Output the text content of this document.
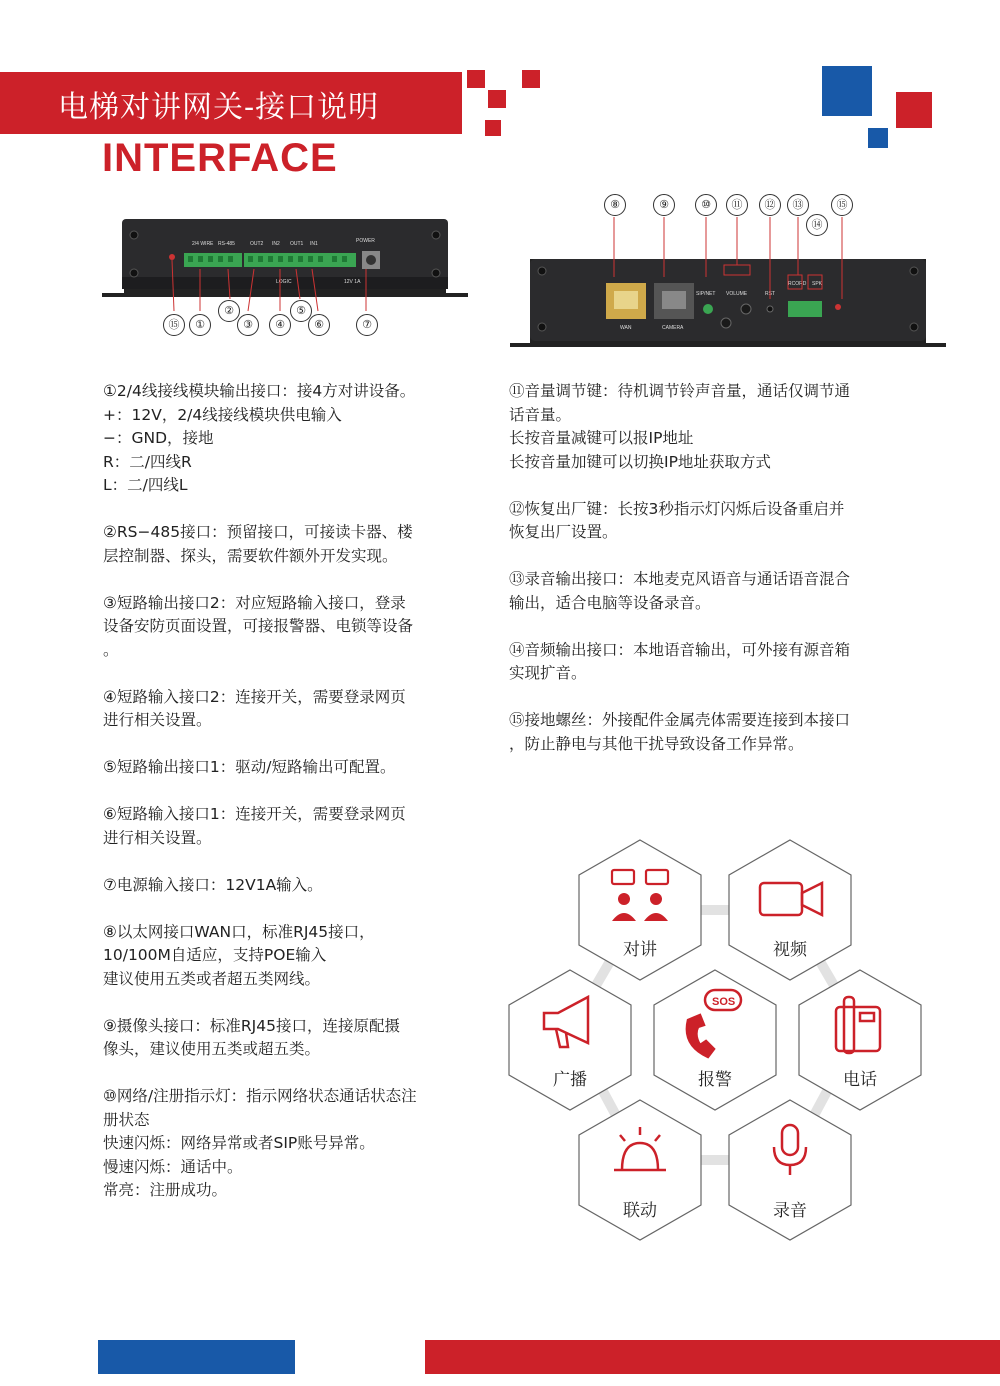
电梯对讲网关-接口说明
INTERFACE
2/4 WIRE RS-485	OUT2 IN2 OUT1 IN1	POWER
LOGIC	12V 1A
⑮	①
②
③	④
⑤
⑥	⑦	WAN	CAMERA
SIP/NET VOLUME	RST
RCORD SPK
⑧	⑨	⑩	⑪	⑫	⑬
⑭
⑮

①2/4线接线模块输出接口：接4方对讲设备。
+：12V，2/4线接线模块供电输入
−：GND，接地
R：二/四线R
L：二/四线L

②RS−485接口：预留接口，可接读卡器、楼
层控制器、探头，需要软件额外开发实现。

③短路输出接口2：对应短路输入接口，登录
设备安防页面设置，可接报警器、电锁等设备
。

④短路输入接口2：连接开关，需要登录网页
进行相关设置。

⑤短路输出接口1：驱动/短路输出可配置。

⑥短路输入接口1：连接开关，需要登录网页
进行相关设置。

⑦电源输入接口：12V1A输入。

⑧以太网接口WAN口，标准RJ45接口，
10/100M自适应，支持POE输入
建议使用五类或者超五类网线。

⑨摄像头接口：标准RJ45接口，连接原配摄
像头，建议使用五类或超五类。

⑩网络/注册指示灯：指示网络状态通话状态注
册状态
快速闪烁：网络异常或者SIP账号异常。
慢速闪烁：通话中。
常亮：注册成功。

⑪音量调节键：待机调节铃声音量，通话仅调节通
话音量。
长按音量减键可以报IP地址
长按音量加键可以切换IP地址获取方式

⑫恢复出厂键：长按3秒指示灯闪烁后设备重启并
恢复出厂设置。

⑬录音输出接口：本地麦克风语音与通话语音混合
输出，适合电脑等设备录音。

⑭音频输出接口：本地语音输出，可外接有源音箱
实现扩音。

⑮接地螺丝：外接配件金属壳体需要连接到本接口
，防止静电与其他干扰导致设备工作异常。

SOS
对讲	视频
广播	报警	电话
联动	录音
